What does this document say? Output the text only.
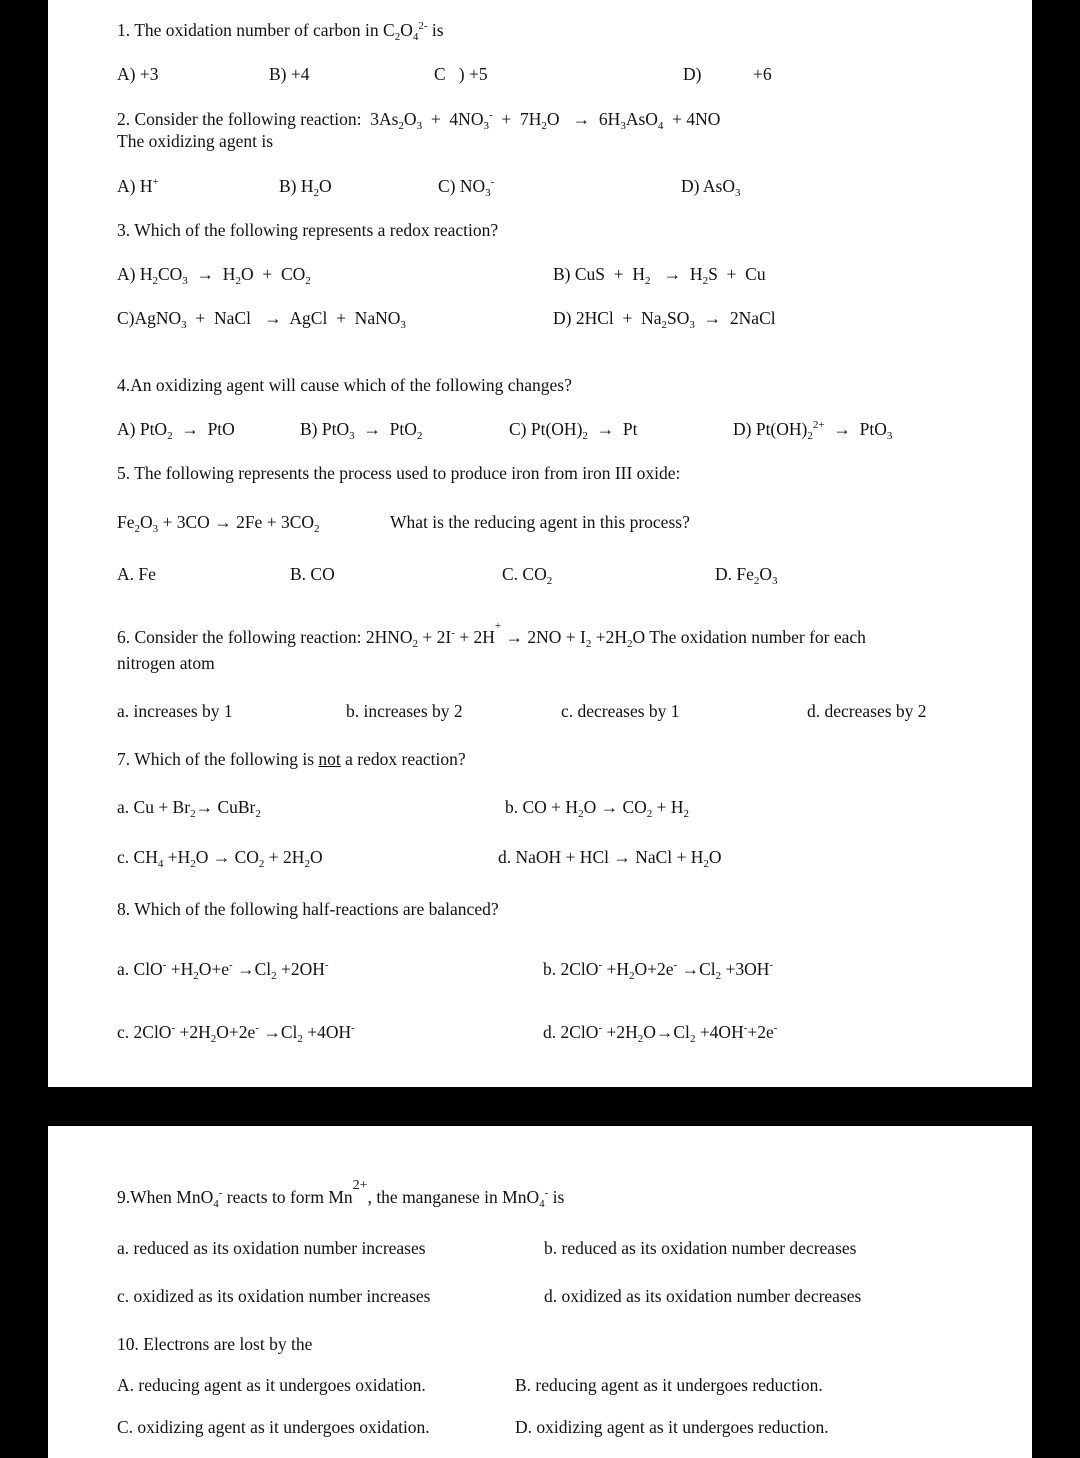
1. The oxidation number of carbon in $C_2O_4^{2-}$ is
A) +3	B) +4	C   ) +5	D)	+6
2. Consider the following reaction:  $3As_2O_3 + 4NO_3^- + 7H_2O \to 6H_3AsO_4 + 4NO$
The oxidizing agent is
A) H+	B) $H_2O$	C) $NO_3^-$	D) AsO$_3$
3. Which of the following represents a redox reaction?
A) $H_2CO_3 \to H_2O + CO_2$	B) CuS  +  $H_2 \to H_2S + Cu$
C)AgNO$_3$  +  NaCl   →  AgCl  +  NaNO$_3$	D) $2HCl + Na_2SO_3$  →  2NaCl
4.An oxidizing agent will cause which of the following changes?
A) PtO$_2$  →  PtO	B) PtO$_3$  →  PtO$_2$	C) $Pt(OH)_2 \to Pt$	D) $Pt(OH)_2^{2+} \to PtO_3$
5. The following represents the process used to produce iron from iron III oxide:
$Fe_2O_3 + 3CO \to 2Fe + 3CO_2$	What is the reducing agent in this process?
A. Fe	B. CO	C. $CO_2$	D. $Fe_2O_3$
6. Consider the following reaction: $2HNO_2 + 2I^- + 2H^+ \to 2NO + I_2 +2H_2O$ The oxidation number for each
nitrogen atom
a. increases by 1	b. increases by 2	c. decreases by 1	d. decreases by 2
7. Which of the following is not a redox reaction?
a. $Cu + Br_2\to$ CuBr$_2$	b. CO + $H_2O \to CO_2 + H_2$
c. $CH_4 +H_2O \to CO_2 + 2H_2O$	d. NaOH + HCl → NaCl + $H_2O$
8. Which of the following half-reactions are balanced?
a. $ClO^- +H_2O+e^- \to Cl_2 +2OH^-$	b. $2ClO^- +H_2O+2e^- \to Cl_2 +3OH^-$
c. $2ClO^- +2H_2O+2e^- \to Cl_2 +4OH^-$	d. $2ClO^- +2H_2O\to Cl_2 +4OH^-+2e^-$
9.When MnO$_4$- reacts to form $Mn^{2+}$, the manganese in MnO$_4$- is
a. reduced as its oxidation number increases	b. reduced as its oxidation number decreases
c. oxidized as its oxidation number increases	d. oxidized as its oxidation number decreases
10. Electrons are lost by the
A. reducing agent as it undergoes oxidation.	B. reducing agent as it undergoes reduction.
C. oxidizing agent as it undergoes oxidation.	D. oxidizing agent as it undergoes reduction.
